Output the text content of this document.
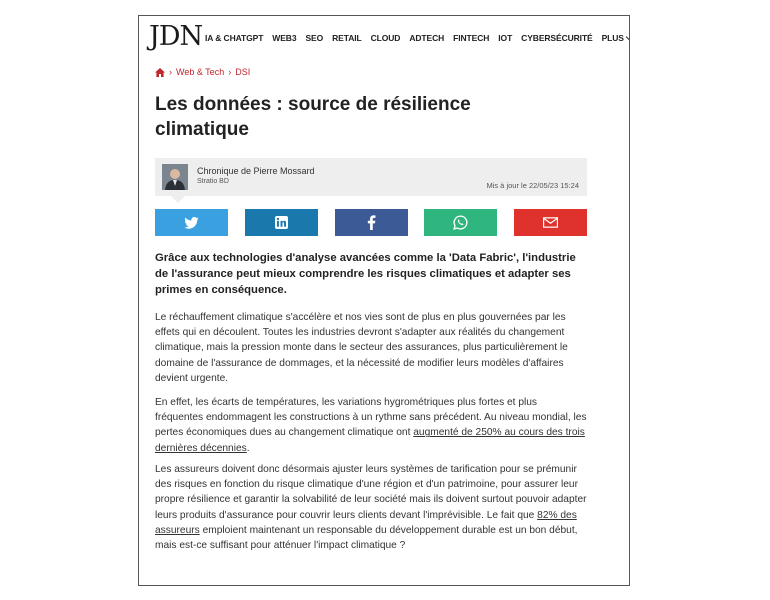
JDN IA & CHATGPT WEB3 SEO RETAIL CLOUD ADTECH FINTECH IOT CYBERSÉCURITÉ PLUS
› Web & Tech › DSI
Les données : source de résilience climatique
Chronique de Pierre Mossard
Stratio BD	Mis à jour le 22/05/23 15:24

Grâce aux technologies d'analyse avancées comme la 'Data Fabric', l'industrie de l'assurance peut mieux comprendre les risques climatiques et adapter ses primes en conséquence.

Le réchauffement climatique s'accélère et nos vies sont de plus en plus gouvernées par les effets qui en découlent. Toutes les industries devront s'adapter aux réalités du changement climatique, mais la pression monte dans le secteur des assurances, plus particulièrement le domaine de l'assurance de dommages, et la nécessité de modifier leurs modèles d'affaires devient urgente.

En effet, les écarts de températures, les variations hygrométriques plus fortes et plus fréquentes endommagent les constructions à un rythme sans précédent. Au niveau mondial, les pertes économiques dues au changement climatique ont augmenté de 250% au cours des trois dernières décennies.

Les assureurs doivent donc désormais ajuster leurs systèmes de tarification pour se prémunir des risques en fonction du risque climatique d'une région et d'un patrimoine, pour assurer leur propre résilience et garantir la solvabilité de leur société mais ils doivent surtout pouvoir adapter leurs produits d'assurance pour couvrir leurs clients devant l'imprévisible. Le fait que 82% des assureurs emploient maintenant un responsable du développement durable est un bon début, mais est-ce suffisant pour atténuer l'impact climatique ?
